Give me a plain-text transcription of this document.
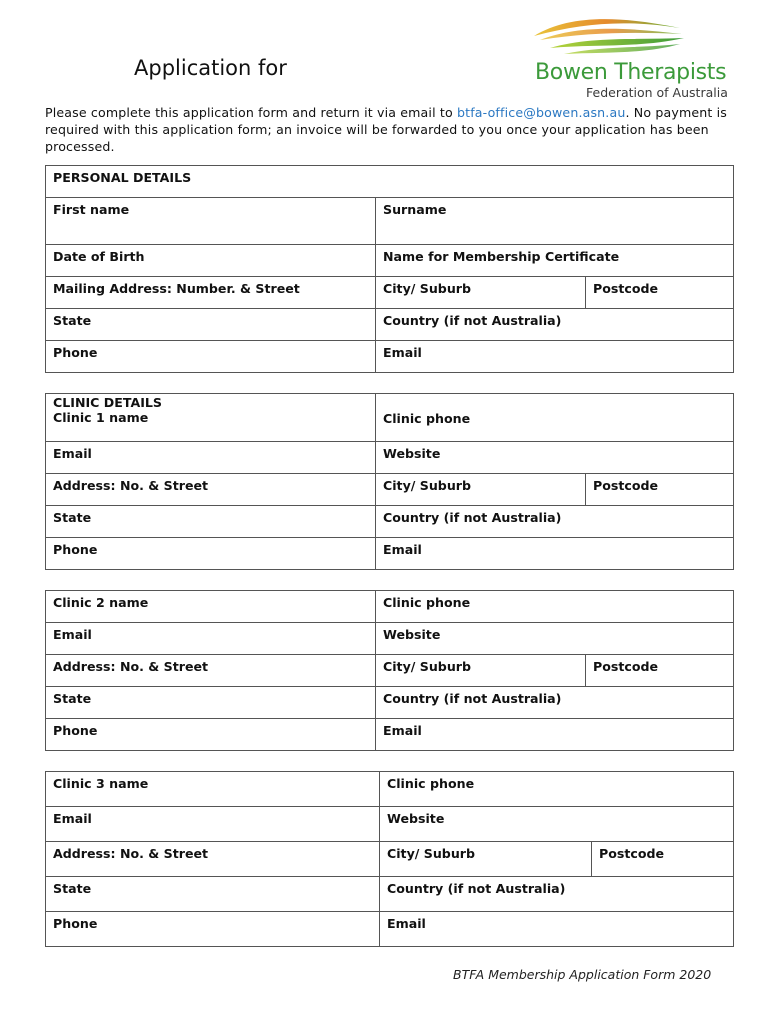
Application for	Bowen Therapists
Federation of Australia

Please complete this application form and return it via email to btfa-office@bowen.asn.au. No payment is required with this application form; an invoice will be forwarded to you once your application has been processed.

PERSONAL DETAILS		
First name	Surname	
Date of Birth	Name for Membership Certificate	
Mailing Address: Number. & Street	City/ Suburb	Postcode
State	Country (if not Australia)	
Phone	Email	
CLINIC DETAILS
Clinic 1 name	Clinic phone	
Email	Website	
Address: No. & Street	City/ Suburb	Postcode
State	Country (if not Australia)	
Phone	Email	
Clinic 2 name	Clinic phone	
Email	Website	
Address: No. & Street	City/ Suburb	Postcode
State	Country (if not Australia)	
Phone	Email	
Clinic 3 name	Clinic phone	
Email	Website	
Address: No. & Street	City/ Suburb	Postcode
State	Country (if not Australia)	
Phone	Email	
BTFA Membership Application Form 2020
